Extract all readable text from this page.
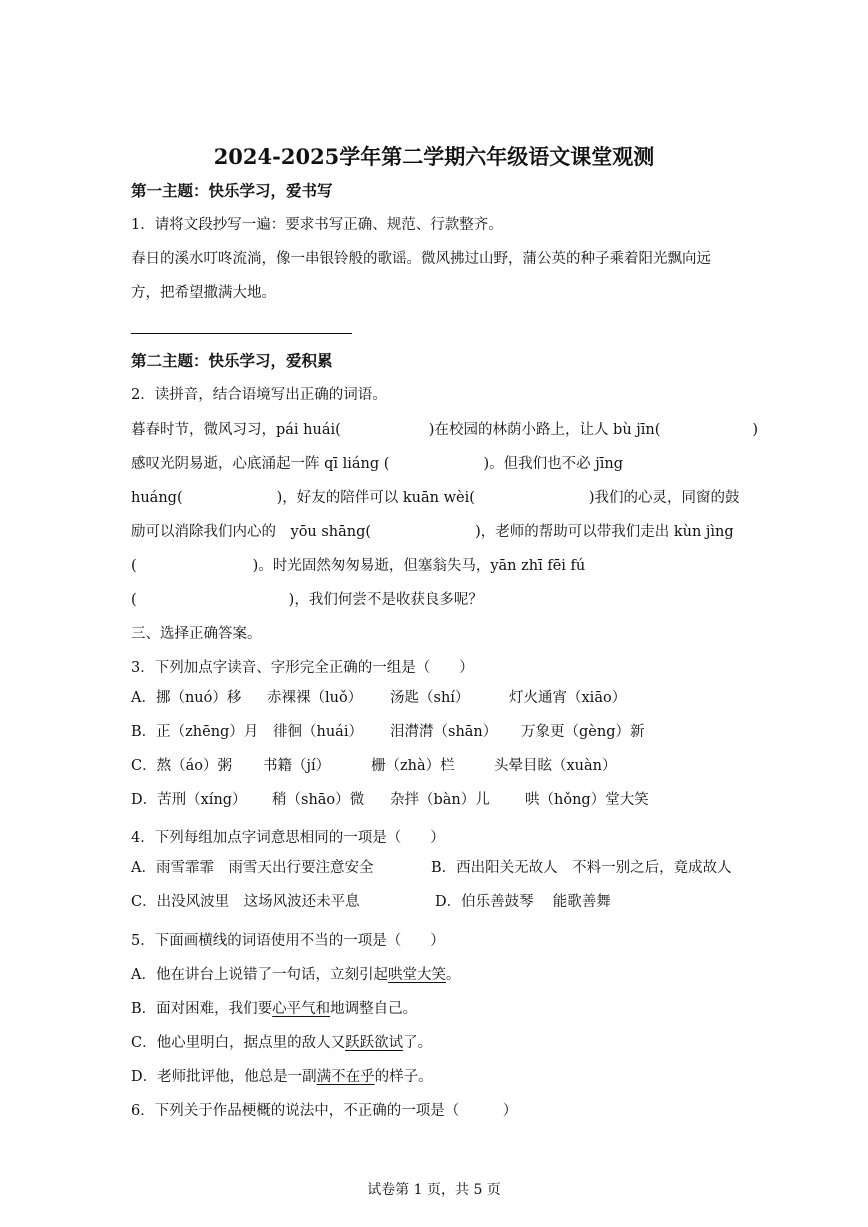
2024-2025学年第二学期六年级语文课堂观测
第一主题：快乐学习，爱书写
1．请将文段抄写一遍：要求书写正确、规范、行款整齐。
春日的溪水叮咚流淌，像一串银铃般的歌谣。微风拂过山野，蒲公英的种子乘着阳光飘向远
方，把希望撒满大地。
第二主题：快乐学习，爱积累
2．读拼音，结合语境写出正确的词语。
暮春时节，微风习习，pái huái(	)在校园的林荫小路上，让人 bù jīn(	)
感叹光阴易逝，心底涌起一阵 qī liáng (	)。但我们也不必 jīng
huáng(	)，好友的陪伴可以 kuān wèi(	)我们的心灵，同窗的鼓
励可以消除我们内心的　yōu shāng(	)，老师的帮助可以带我们走出 kùn jìng
(	)。时光固然匆匆易逝，但塞翁失马，yān zhī fēi fú
(	)，我们何尝不是收获良多呢？
三、选择正确答案。
3．下列加点字读音、字形完全正确的一组是（　　）
A．挪（nuó）移 赤裸裸（luǒ） 汤匙（shí）	灯火通宵（xiāo）
B．正（zhēng）月 徘徊（huái） 泪潸潸（shān） 万象更（gèng）新
C．熬（áo）粥 书籍（jí）	栅（zhà）栏	头晕目眩（xuàn）
D．苦刑（xíng） 稍（shāo）微 杂拌（bàn）儿 哄（hǒng）堂大笑
4．下列每组加点字词意思相同的一项是（　　）
A．雨雪霏霏　雨雪天出行要注意安全	B．西出阳关无故人　不料一别之后，竟成故人
C．出没风波里　这场风波还未平息	D．伯乐善鼓琴　 能歌善舞
5．下面画横线的词语使用不当的一项是（　　）
A．他在讲台上说错了一句话，立刻引起哄堂大笑。
B．面对困难，我们要心平气和地调整自己。
C．他心里明白，据点里的敌人又跃跃欲试了。
D．老师批评他，他总是一副满不在乎的样子。
6．下列关于作品梗概的说法中，不正确的一项是（　　　）
试卷第 1 页，共 5 页
